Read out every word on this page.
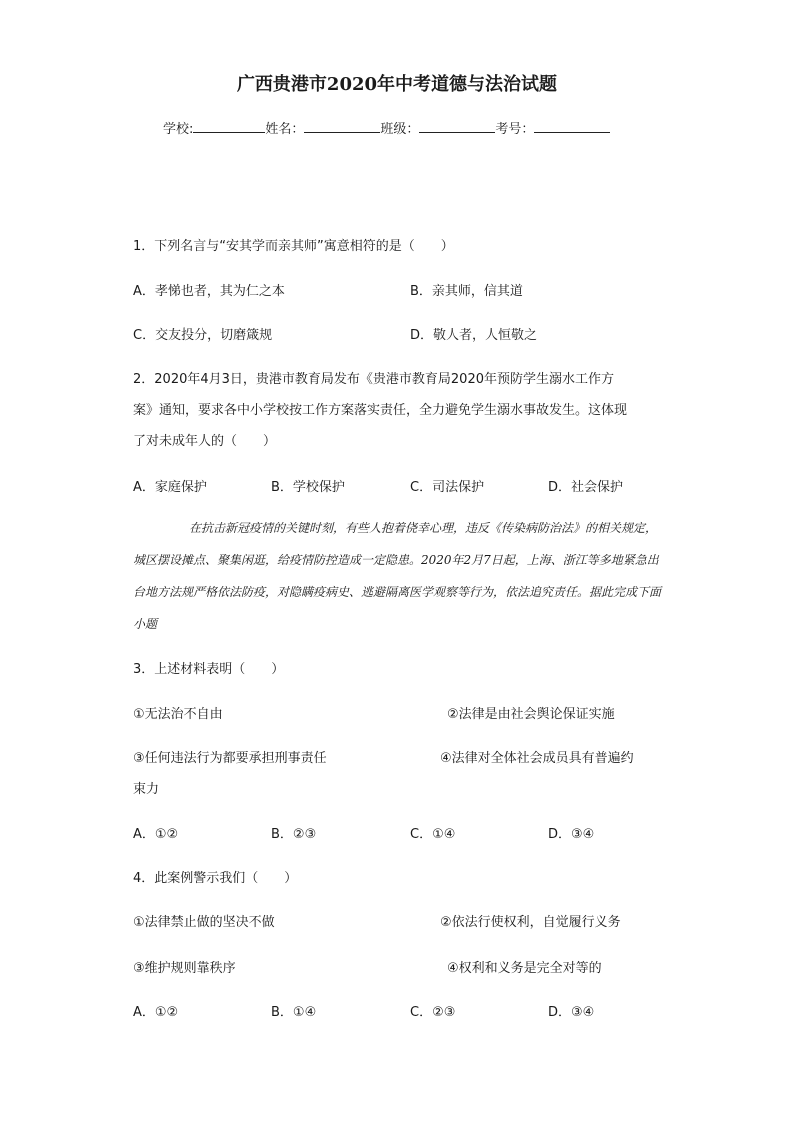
广西贵港市2020年中考道德与法治试题
学校:	姓名：	班级：	考号：
1．下列名言与“安其学而亲其师”寓意相符的是（　　）
A．孝悌也者，其为仁之本	B．亲其师，信其道
C．交友投分，切磨箴规	D．敬人者，人恒敬之
2．2020年4月3日，贵港市教育局发布《贵港市教育局2020年预防学生溺水工作方
案》通知，要求各中小学校按工作方案落实责任，全力避免学生溺水事故发生。这体现
了对未成年人的（　　）
A．家庭保护	B．学校保护	C．司法保护	D．社会保护
在抗击新冠疫情的关键时刻，有些人抱着侥幸心理，违反《传染病防治法》的相关规定，城区摆设摊点、聚集闲逛，给疫情防控造成一定隐患。2020年2月7日起，上海、浙江等多地紧急出台地方法规严格依法防疫，对隐瞒疫病史、逃避隔离医学观察等行为，依法追究责任。据此完成下面小题
3．上述材料表明（　　）
①无法治不自由	②法律是由社会舆论保证实施
③任何违法行为都要承担刑事责任	④法律对全体社会成员具有普遍约
束力
A．①②	B．②③	C．①④	D．③④
4．此案例警示我们（　　）
①法律禁止做的坚决不做	②依法行使权利，自觉履行义务
③维护规则靠秩序	④权利和义务是完全对等的
A．①②	B．①④	C．②③	D．③④
